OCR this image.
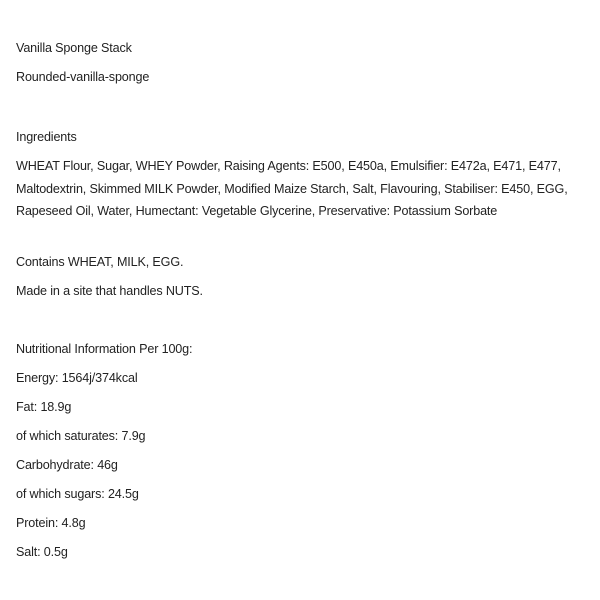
Vanilla Sponge Stack
Rounded-vanilla-sponge
Ingredients
WHEAT Flour, Sugar, WHEY Powder, Raising Agents: E500, E450a, Emulsifier: E472a, E471, E477, Maltodextrin, Skimmed MILK Powder, Modified Maize Starch, Salt, Flavouring, Stabiliser: E450, EGG, Rapeseed Oil, Water, Humectant: Vegetable Glycerine, Preservative: Potassium Sorbate
Contains WHEAT, MILK, EGG.
Made in a site that handles NUTS.
Nutritional Information Per 100g:
Energy: 1564j/374kcal
Fat: 18.9g
of which saturates: 7.9g
Carbohydrate: 46g
of which sugars: 24.5g
Protein: 4.8g
Salt: 0.5g
